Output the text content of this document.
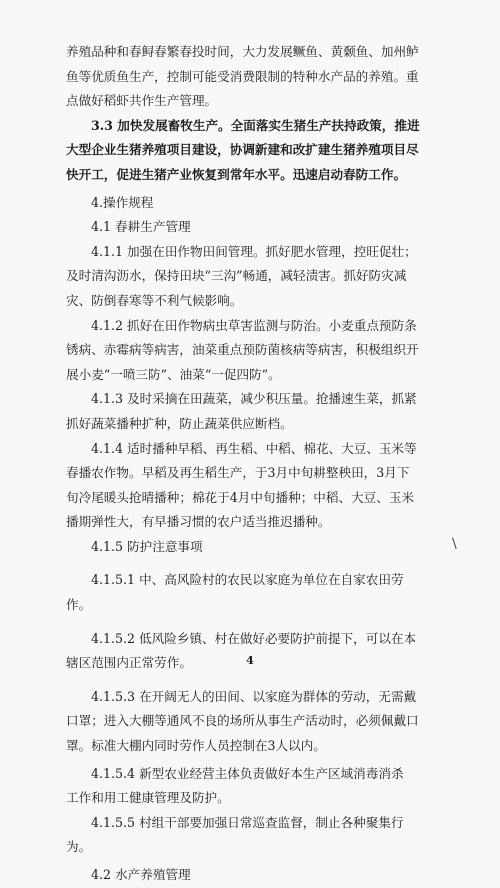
养殖品种和春鲟春繁春投时间，大力发展鳜鱼、黄颡鱼、加州鲈
鱼等优质鱼生产，控制可能受消费限制的特种水产品的养殖。重
点做好稻虾共作生产管理。
3.3 加快发展畜牧生产。全面落实生猪生产扶持政策，推进
大型企业生猪养殖项目建设，协调新建和改扩建生猪养殖项目尽
快开工，促进生猪产业恢复到常年水平。迅速启动春防工作。
4.操作规程
4.1 春耕生产管理
4.1.1 加强在田作物田间管理。抓好肥水管理，控旺促壮；
及时清沟沥水，保持田块“三沟”畅通，减轻渍害。抓好防灾减
灾、防倒春寒等不利气候影响。
4.1.2 抓好在田作物病虫草害监测与防治。小麦重点预防条
锈病、赤霉病等病害，油菜重点预防菌核病等病害，积极组织开
展小麦“一喷三防”、油菜“一促四防”。
4.1.3 及时采摘在田蔬菜，减少积压量。抢播速生菜，抓紧
抓好蔬菜播种扩种，防止蔬菜供应断档。
4.1.4 适时播种早稻、再生稻、中稻、棉花、大豆、玉米等
春播农作物。早稻及再生稻生产，于3月中旬耕整秧田，3月下
旬冷尾暖头抢晴播种；棉花于4月中旬播种；中稻、大豆、玉米
播期弹性大，有早播习惯的农户适当推迟播种。
4.1.5 防护注意事项
4.1.5.1 中、高风险村的农民以家庭为单位在自家农田劳
作。
4.1.5.2 低风险乡镇、村在做好必要防护前提下，可以在本
辖区范围内正常劳作。
4.1.5.3 在开阔无人的田间、以家庭为群体的劳动，无需戴
口罩；进入大棚等通风不良的场所从事生产活动时，必须佩戴口
罩。标准大棚内同时劳作人员控制在3人以内。
4.1.5.4 新型农业经营主体负责做好本生产区域消毒消杀
工作和用工健康管理及防护。
4.1.5.5 村组干部要加强日常巡查监督，制止各种聚集行
为。
4.2 水产养殖管理
\
4
